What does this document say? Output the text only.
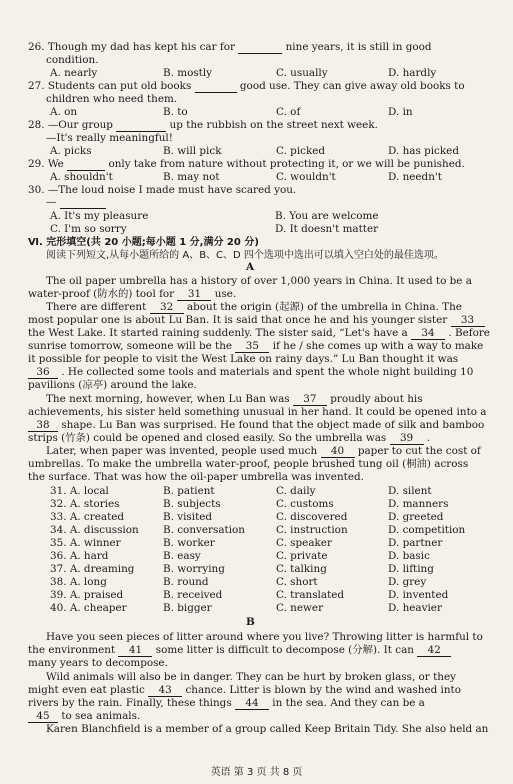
26. Though my dad has kept his car for	nine years, it is still in good
condition.
A. nearly	B. mostly	C. usually	D. hardly
27. Students can put old books	good use. They can give away old books to
children who need them.
A. on	B. to	C. of	D. in
28. —Our group	up the rubbish on the street next week.
—It's really meaningful!
A. picks	B. will pick	C. picked	D. has picked
29. We	only take from nature without protecting it, or we will be punished.
A. shouldn't	B. may not	C. wouldn't	D. needn't
30. —The loud noise I made must have scared you.
—
A. It's my pleasure	B. You are welcome
C. I'm so sorry	D. It doesn't matter
Ⅵ. 完形填空(共 20 小题;每小题 1 分,满分 20 分)
阅读下列短文,从每小题所给的 A、B、C、D 四个选项中选出可以填入空白处的最佳选项。
A
The oil paper umbrella has a history of over 1,000 years in China. It used to be a
water-proof (防水的) tool for 31 use.
There are different 32 about the origin (起源) of the umbrella in China. The
most popular one is about Lu Ban. It is said that once he and his younger sister 33
the West Lake. It started raining suddenly. The sister said, “Let's have a 34 . Before
sunrise tomorrow, someone will be the 35 if he / she comes up with a way to make
it possible for people to visit the West Lake on rainy days.” Lu Ban thought it was
36 . He collected some tools and materials and spent the whole night building 10
pavilions (凉亭) around the lake.
The next morning, however, when Lu Ban was 37 proudly about his
achievements, his sister held something unusual in her hand. It could be opened into a
38 shape. Lu Ban was surprised. He found that the object made of silk and bamboo
strips (竹条) could be opened and closed easily. So the umbrella was 39 .
Later, when paper was invented, people used much 40 paper to cut the cost of
umbrellas. To make the umbrella water-proof, people brushed tung oil (桐油) across
the surface. That was how the oil-paper umbrella was invented.
31. A. local	B. patient	C. daily	D. silent
32. A. stories	B. subjects	C. customs	D. manners
33. A. created	B. visited	C. discovered	D. greeted
34. A. discussion B. conversation	C. instruction	D. competition
35. A. winner	B. worker	C. speaker	D. partner
36. A. hard	B. easy	C. private	D. basic
37. A. dreaming	B. worrying	C. talking	D. lifting
38. A. long	B. round	C. short	D. grey
39. A. praised	B. received	C. translated	D. invented
40. A. cheaper	B. bigger	C. newer	D. heavier
B
Have you seen pieces of litter around where you live? Throwing litter is harmful to
the environment 41 some litter is difficult to decompose (分解). It can 42
many years to decompose.
Wild animals will also be in danger. They can be hurt by broken glass, or they
might even eat plastic 43 chance. Litter is blown by the wind and washed into
rivers by the rain. Finally, these things 44 in the sea. And they can be a
45 to sea animals.
Karen Blanchfield is a member of a group called Keep Britain Tidy. She also held an
英语 第 3 页 共 8 页
